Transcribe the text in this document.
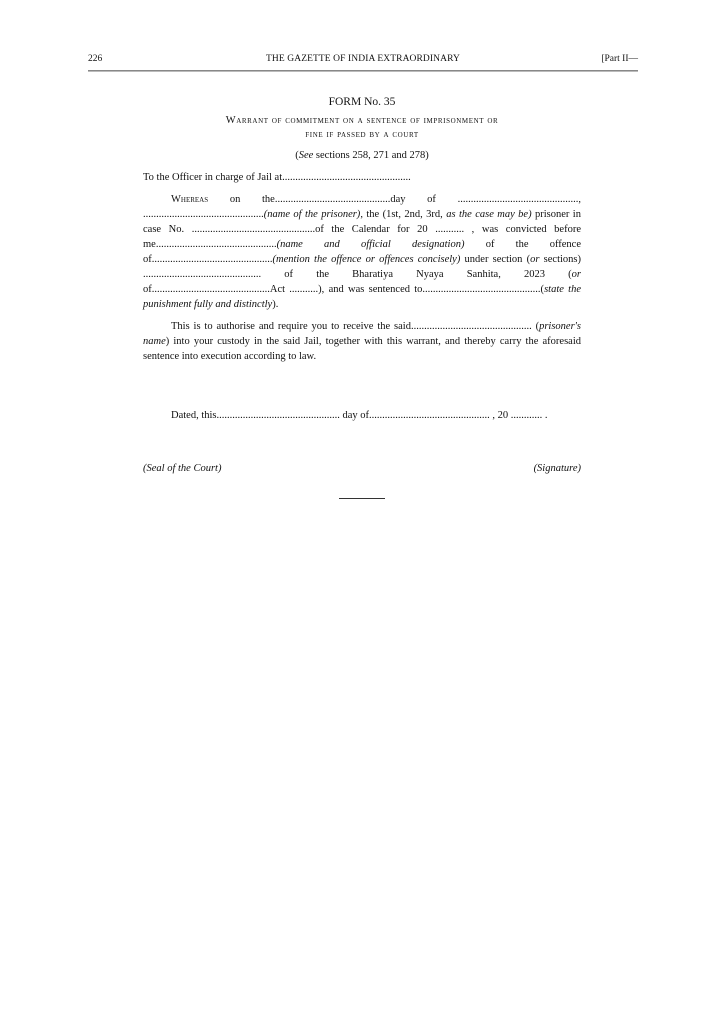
226	THE GAZETTE OF INDIA EXTRAORDINARY	[Part II—
FORM No. 35
Warrant of commitment on a sentence of imprisonment or
fine if passed by a court
(See sections 258, 271 and 278)

To the Officer in charge of Jail at.................................................

Whereas on the............................................day of .............................................., ..............................................(name of the prisoner), the (1st, 2nd, 3rd, as the case may be) prisoner in case No. ...............................................of the Calendar for 20 ........... , was convicted before me..............................................(name and official designation) of the offence of..............................................(mention the offence or offences concisely) under section (or sections) ............................................. of the Bharatiya Nyaya Sanhita, 2023 (or of.............................................Act ...........), and was sentenced to.............................................(state the punishment fully and distinctly).

This is to authorise and require you to receive the said.............................................. (prisoner's name) into your custody in the said Jail, together with this warrant, and thereby carry the aforesaid sentence into execution according to law.

Dated, this............................................... day of.............................................. , 20 ............ .
(Seal of the Court)	(Signature)
